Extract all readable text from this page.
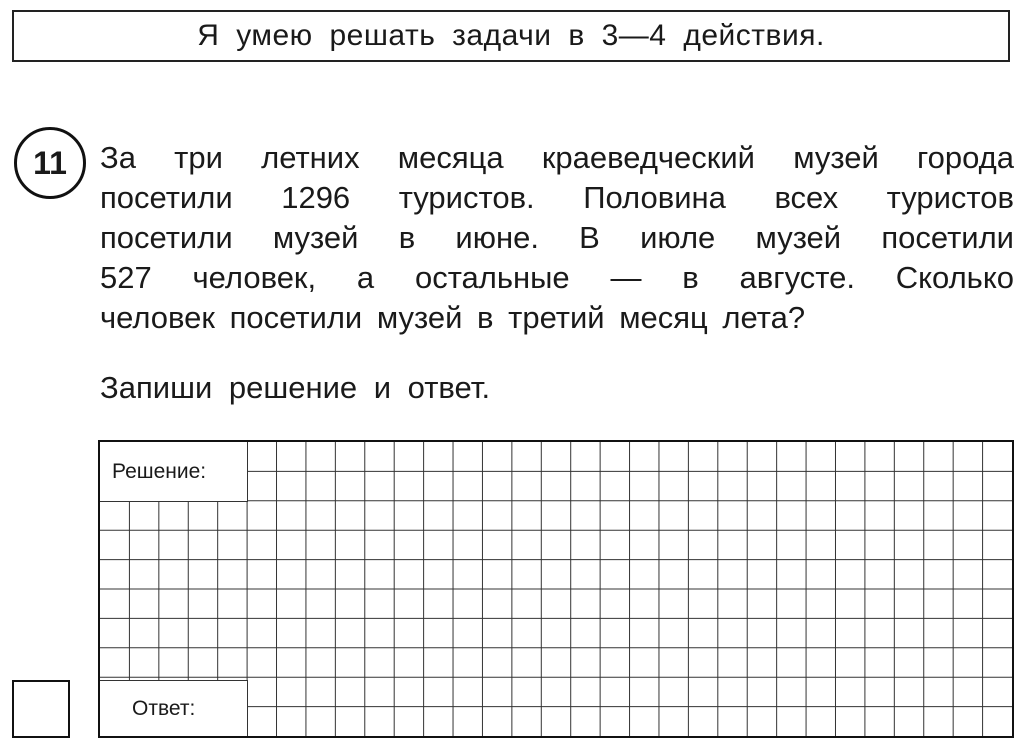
Я умею решать задачи в 3—4 действия.
11 За три летних месяца краеведческий музей города
посетили 1296 туристов. Половина всех туристов
посетили музей в июне. В июле музей посетили
527 человек, а остальные — в августе. Сколько
человек посетили музей в третий месяц лета?
Запиши решение и ответ.
Решение:
Ответ:
